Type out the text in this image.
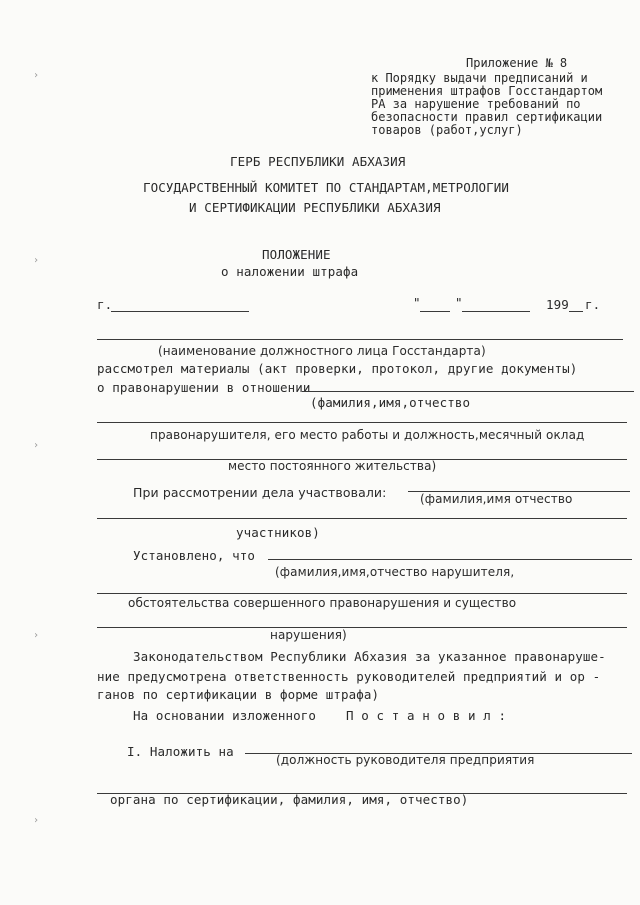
Приложение № 8
к Порядку выдачи предписаний и
применения штрафов Госстандартом
РА за нарушение требований по
безопасности правил сертификации
товаров (работ,услуг)
ГЕРБ РЕСПУБЛИКИ АБХАЗИЯ
ГОСУДАРСТВЕННЫЙ КОМИТЕТ ПО СТАНДАРТАМ,МЕТРОЛОГИИ
И СЕРТИФИКАЦИИ РЕСПУБЛИКИ АБХАЗИЯ
ПОЛОЖЕНИЕ
о наложении штрафа
г.	"	"	199 г.
(наименование должностного лица Госстандарта)
рассмотрел материалы (акт проверки, протокол, другие документы)
о правонарушении в отношении
(фамилия,имя,отчество
правонарушителя, его место работы и должность,месячный оклад
место постоянного жительства)
При рассмотрении дела участвовали:	(фамилия,имя отчество
участников)
Установлено, что
(фамилия,имя,отчество нарушителя,
обстоятельства совершенного правонарушения и существо
нарушения)
Законодательством Республики Абхазия за указанное правонаруше-
ние предусмотрена ответственность руководителей предприятий и ор -
ганов по сертификации в форме штрафа)
На основании изложенного П о с т а н о в и л :
I. Наложить на
(должность руководителя предприятия
органа по сертификации, фамилия, имя, отчество)
›
›
›
›
›
